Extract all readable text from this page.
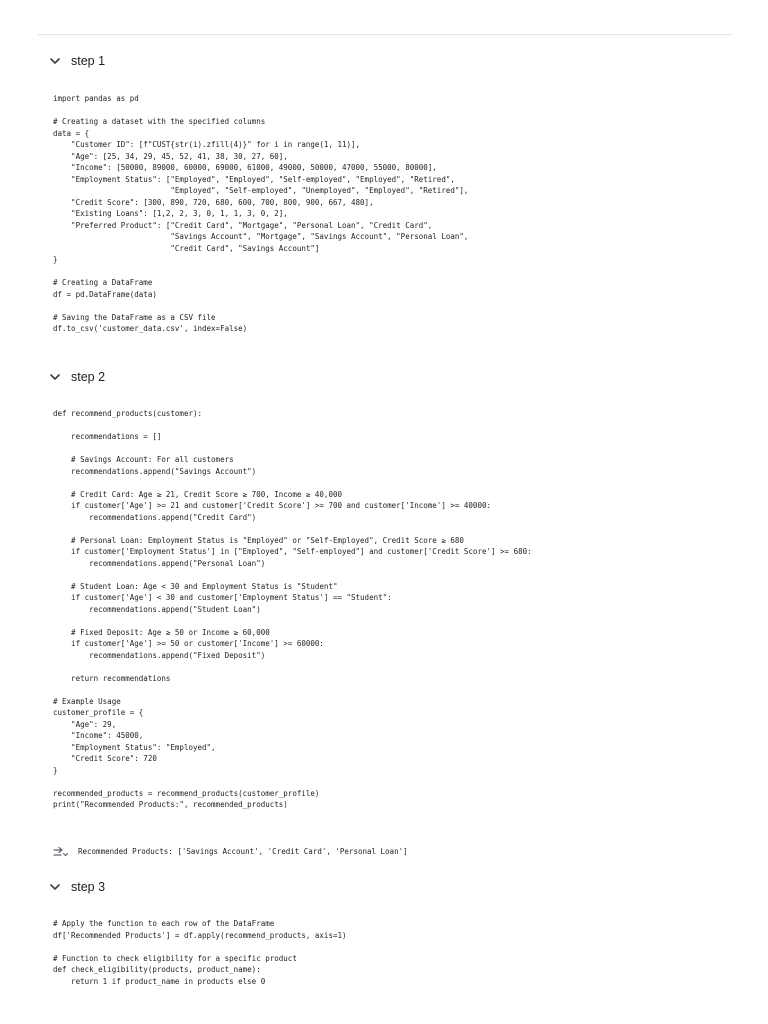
step 1
import pandas as pd

# Creating a dataset with the specified columns
data = {
"Customer ID": [f"CUST{str(i).zfill(4)}" for i in range(1, 11)],
"Age": [25, 34, 29, 45, 52, 41, 38, 30, 27, 60],
"Income": [50000, 89000, 60000, 69000, 61000, 49000, 50000, 47000, 55000, 80000],
"Employment Status": ["Employed", "Employed", "Self-employed", "Employed", "Retired",
"Employed", "Self-employed", "Unemployed", "Employed", "Retired"],
"Credit Score": [300, 890, 720, 680, 600, 700, 800, 900, 667, 480],
"Existing Loans": [1,2, 2, 3, 0, 1, 1, 3, 0, 2],
"Preferred Product": ["Credit Card", "Mortgage", "Personal Loan", "Credit Card",
"Savings Account", "Mortgage", "Savings Account", "Personal Loan",
"Credit Card", "Savings Account"]
}

# Creating a DataFrame
df = pd.DataFrame(data)

# Saving the DataFrame as a CSV file
df.to_csv('customer_data.csv', index=False)
step 2
def recommend_products(customer):

recommendations = []

# Savings Account: For all customers
recommendations.append("Savings Account")

# Credit Card: Age ≥ 21, Credit Score ≥ 700, Income ≥ 40,000
if customer['Age'] >= 21 and customer['Credit Score'] >= 700 and customer['Income'] >= 40000:
recommendations.append("Credit Card")

# Personal Loan: Employment Status is "Employed" or "Self-Employed", Credit Score ≥ 680
if customer['Employment Status'] in ["Employed", "Self-employed"] and customer['Credit Score'] >= 680:
recommendations.append("Personal Loan")

# Student Loan: Age < 30 and Employment Status is "Student"
if customer['Age'] < 30 and customer['Employment Status'] == "Student":
recommendations.append("Student Loan")

# Fixed Deposit: Age ≥ 50 or Income ≥ 60,000
if customer['Age'] >= 50 or customer['Income'] >= 60000:
recommendations.append("Fixed Deposit")

return recommendations

# Example Usage
customer_profile = {
"Age": 29,
"Income": 45000,
"Employment Status": "Employed",
"Credit Score": 720
}

recommended_products = recommend_products(customer_profile)
print("Recommended Products:", recommended_products)
Recommended Products: ['Savings Account', 'Credit Card', 'Personal Loan']
step 3
# Apply the function to each row of the DataFrame
df['Recommended Products'] = df.apply(recommend_products, axis=1)

# Function to check eligibility for a specific product
def check_eligibility(products, product_name):
return 1 if product_name in products else 0
